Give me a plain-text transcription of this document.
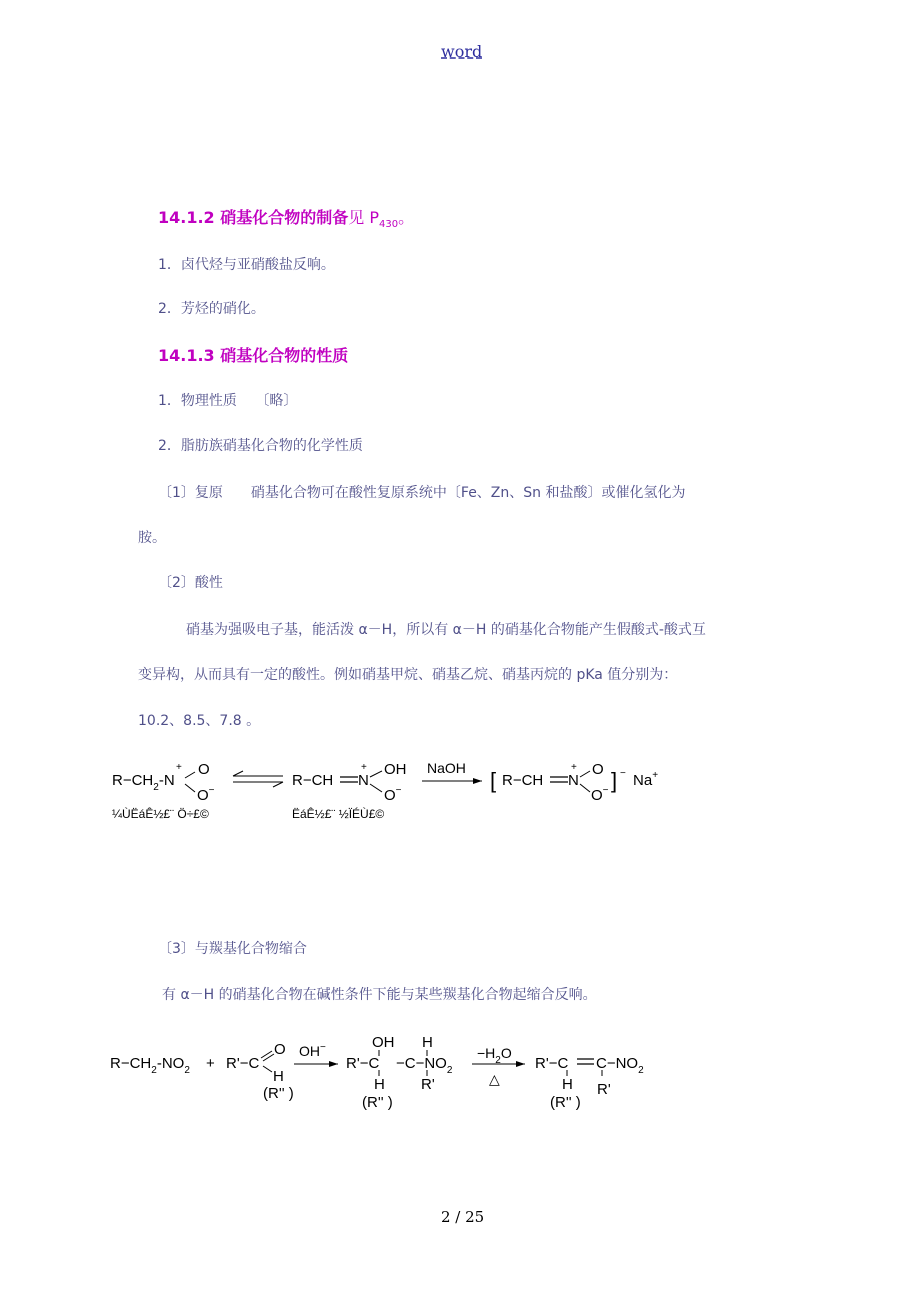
word
14.1.2 硝基化合物的制备见 $P_{430}$。
1．卤代烃与亚硝酸盐反响。
2．芳烃的硝化。
14.1.3 硝基化合物的性质
1．物理性质　 〔略〕
2．脂肪族硝基化合物的化学性质
〔1〕复原　　硝基化合物可在酸性复原系统中〔Fe、Zn、Sn 和盐酸〕或催化氢化为
胺。
〔2〕酸性
硝基为强吸电子基，能活泼 α－H，所以有 α－H 的硝基化合物能产生假酸式-酸式互
变异构，从而具有一定的酸性。例如硝基甲烷、硝基乙烷、硝基丙烷的 pKa 值分别为：
10.2、8.5、7.8 。
$R-CH_2-N$
+ O
O−
¼ÙËáÊ½£¨ Ö÷£©
R−CH N
+ OH
O−
ËáÊ½£¨ ½ÏÉÙ£©
NaOH [ R−CH N
+ O
O− ] − Na+
〔3〕与羰基化合物缩合
有 α－H 的硝基化合物在碱性条件下能与某些羰基化合物起缩合反响。
$R-CH_2-NO_2 + R'-C$
O
H
(R'' )
OH−	OH
R'−C
H
(R'' )
H
$-C-NO_2$
R'
$-H_2O$
△
R'−C $C-NO_2$
H
(R'' )
R'
2 / 25
